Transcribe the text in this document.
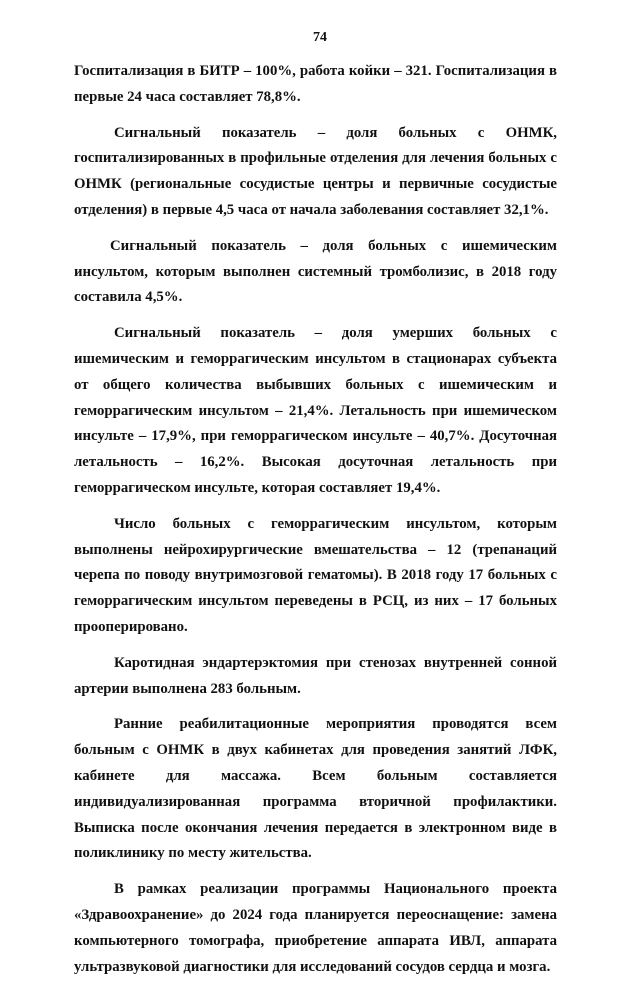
74

Госпитализация в БИТР – 100%, работа койки – 321. Госпитализация в первые 24 часа составляет 78,8%.

Сигнальный показатель – доля больных с ОНМК, госпитализированных в профильные отделения для лечения больных с ОНМК (региональные сосудистые центры и первичные сосудистые отделения) в первые 4,5 часа от начала заболевания составляет 32,1%.

Сигнальный показатель – доля больных с ишемическим инсультом, которым выполнен системный тромболизис, в 2018 году составила 4,5%.

Сигнальный показатель – доля умерших больных с ишемическим и геморрагическим инсультом в стационарах субъекта от общего количества выбывших больных с ишемическим и геморрагическим инсультом – 21,4%. Летальность при ишемическом инсульте – 17,9%, при геморрагическом инсульте – 40,7%. Досуточная летальность – 16,2%. Высокая досуточная летальность при геморрагическом инсульте, которая составляет 19,4%.

Число больных с геморрагическим инсультом, которым выполнены нейрохирургические вмешательства – 12 (трепанаций черепа по поводу внутримозговой гематомы). В 2018 году 17 больных с геморрагическим инсультом переведены в РСЦ, из них – 17 больных прооперировано.

Каротидная эндартерэктомия при стенозах внутренней сонной артерии выполнена 283 больным.

Ранние реабилитационные мероприятия проводятся всем больным с ОНМК в двух кабинетах для проведения занятий ЛФК, кабинете для массажа. Всем больным составляется индивидуализированная программа вторичной профилактики. Выписка после окончания лечения передается в электронном виде в поликлинику по месту жительства.

В рамках реализации программы Национального проекта «Здравоохранение» до 2024 года планируется переоснащение: замена компьютерного томографа, приобретение аппарата ИВЛ, аппарата ультразвуковой диагностики для исследований сосудов сердца и мозга.
